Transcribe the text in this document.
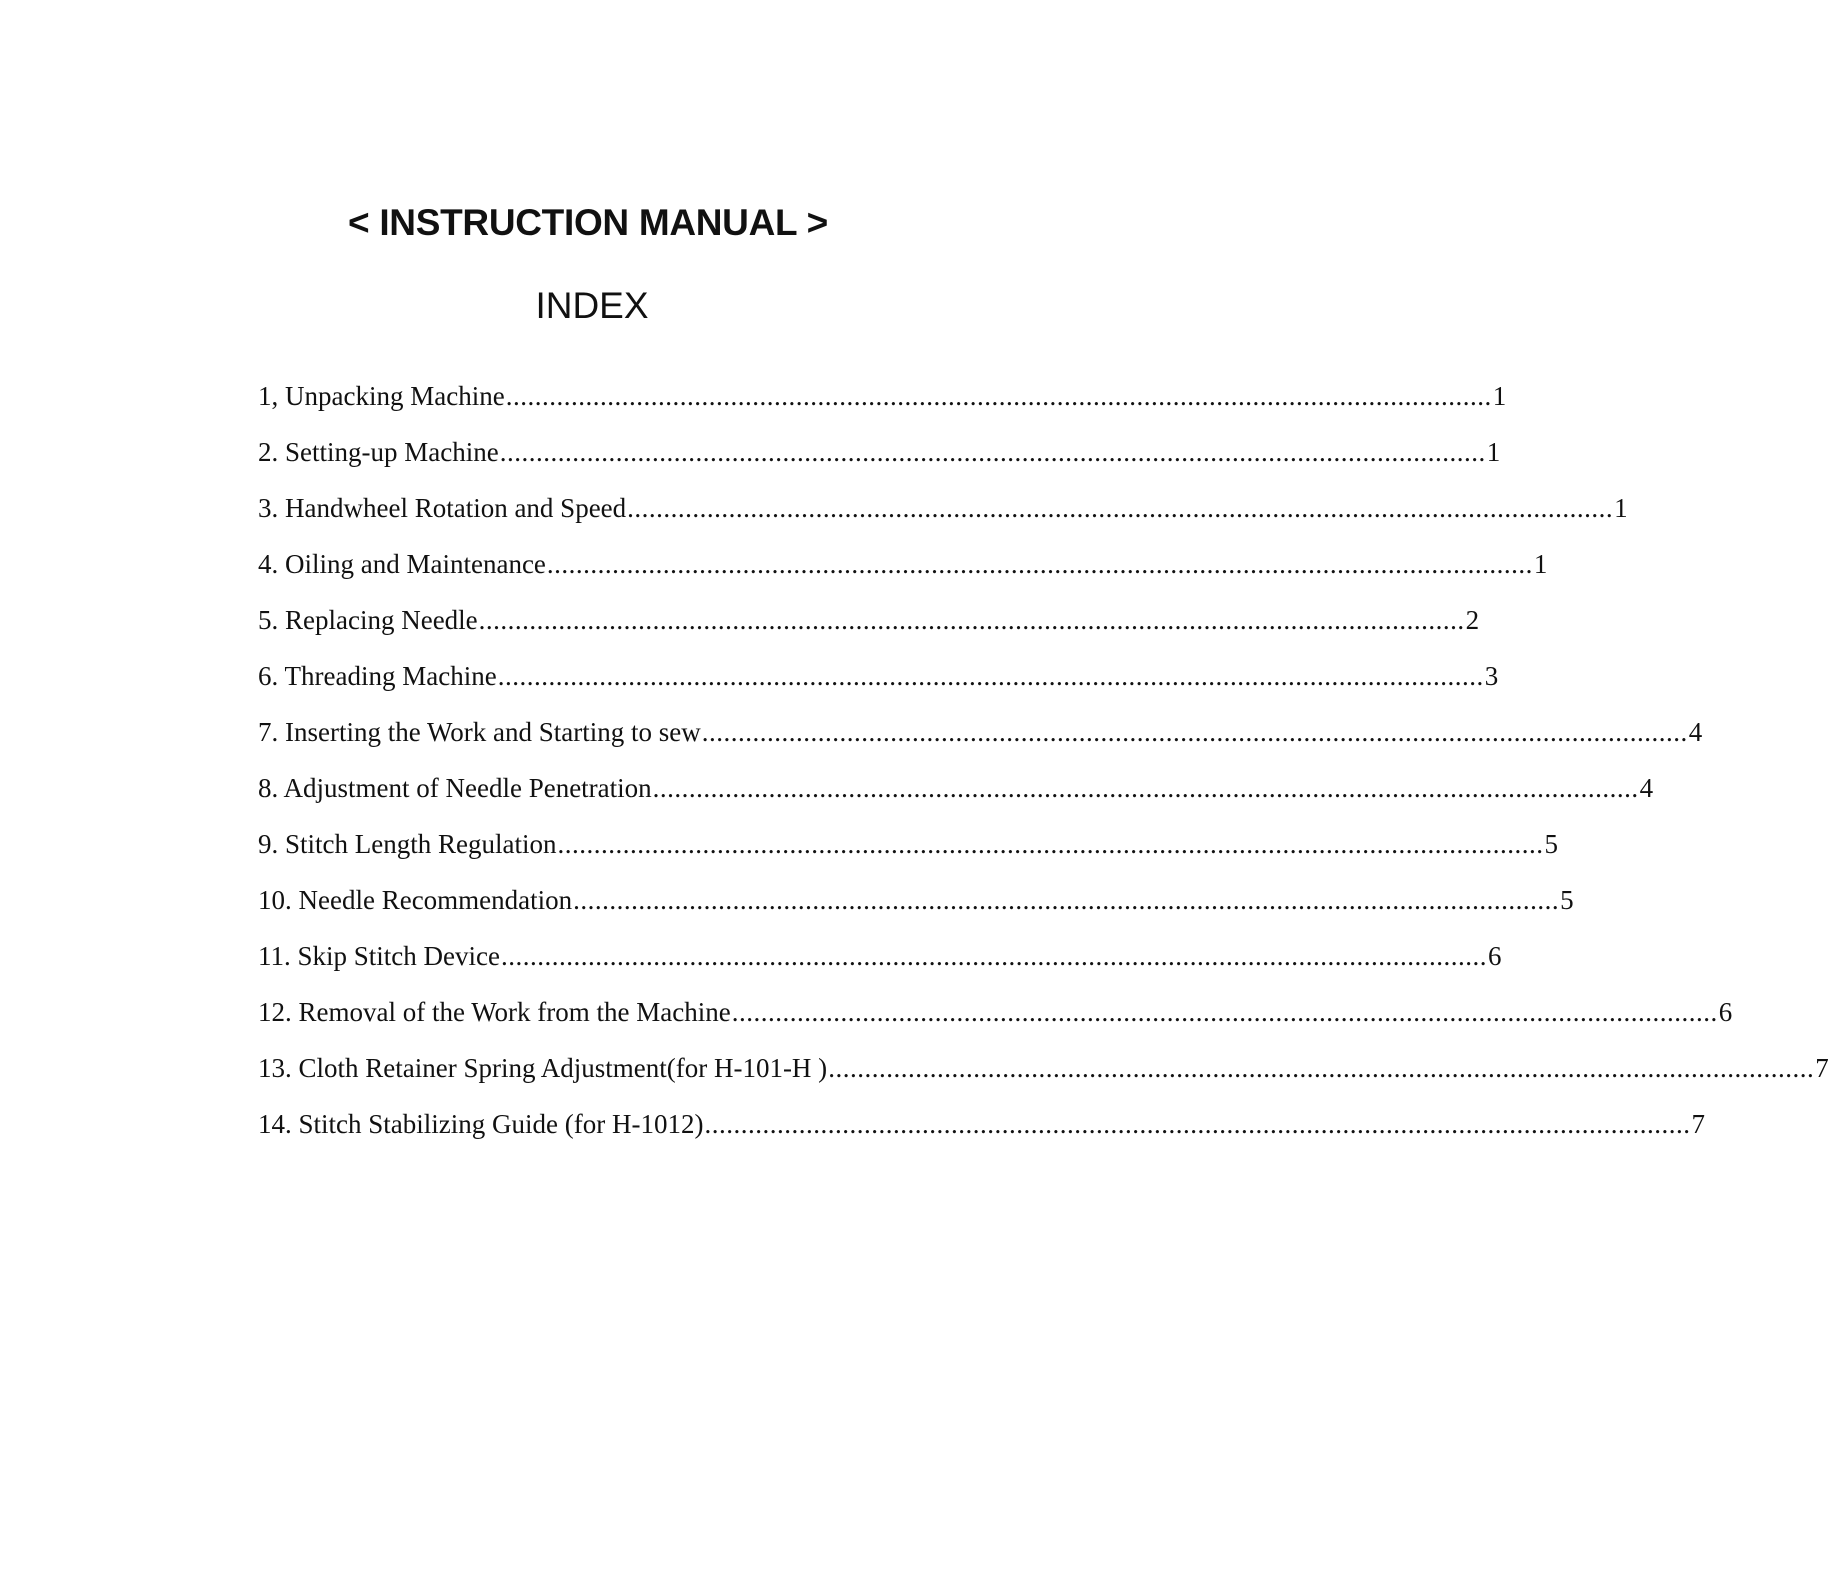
< INSTRUCTION MANUAL >
INDEX
1, Unpacking Machine ........................................................................................................................................ 1
2. Setting-up Machine ........................................................................................................................................ 1
3. Handwheel Rotation and Speed ........................................................................................................................................ 1
4. Oiling and Maintenance ........................................................................................................................................ 1
5. Replacing Needle ........................................................................................................................................ 2
6. Threading Machine ........................................................................................................................................ 3
7. Inserting the Work and Starting to sew ........................................................................................................................................ 4
8. Adjustment of Needle Penetration ........................................................................................................................................ 4
9. Stitch Length Regulation ........................................................................................................................................ 5
10. Needle Recommendation ........................................................................................................................................ 5
11. Skip Stitch Device ........................................................................................................................................ 6
12. Removal of the Work from the Machine ........................................................................................................................................ 6
13. Cloth Retainer Spring Adjustment(for H-101-H ) ........................................................................................................................................ 7
14. Stitch Stabilizing Guide (for H-1012) ........................................................................................................................................ 7
